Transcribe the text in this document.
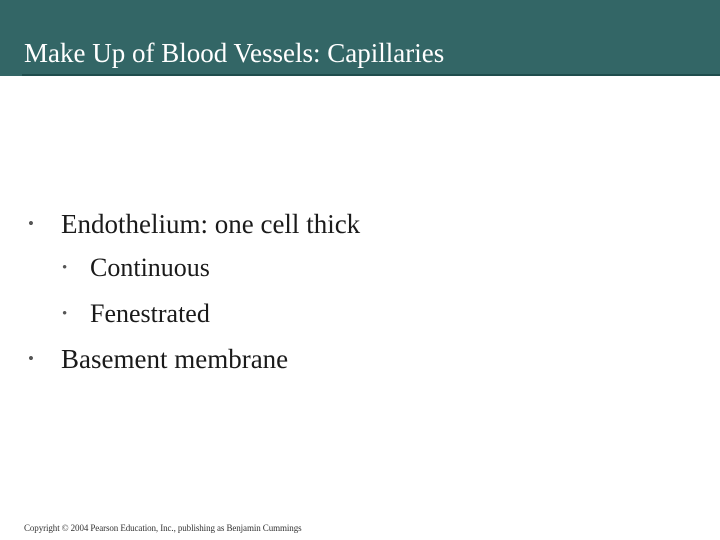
Make Up of Blood Vessels: Capillaries
• Endothelium: one cell thick
• Continuous
• Fenestrated
• Basement membrane
Copyright © 2004 Pearson Education, Inc., publishing as Benjamin Cummings
